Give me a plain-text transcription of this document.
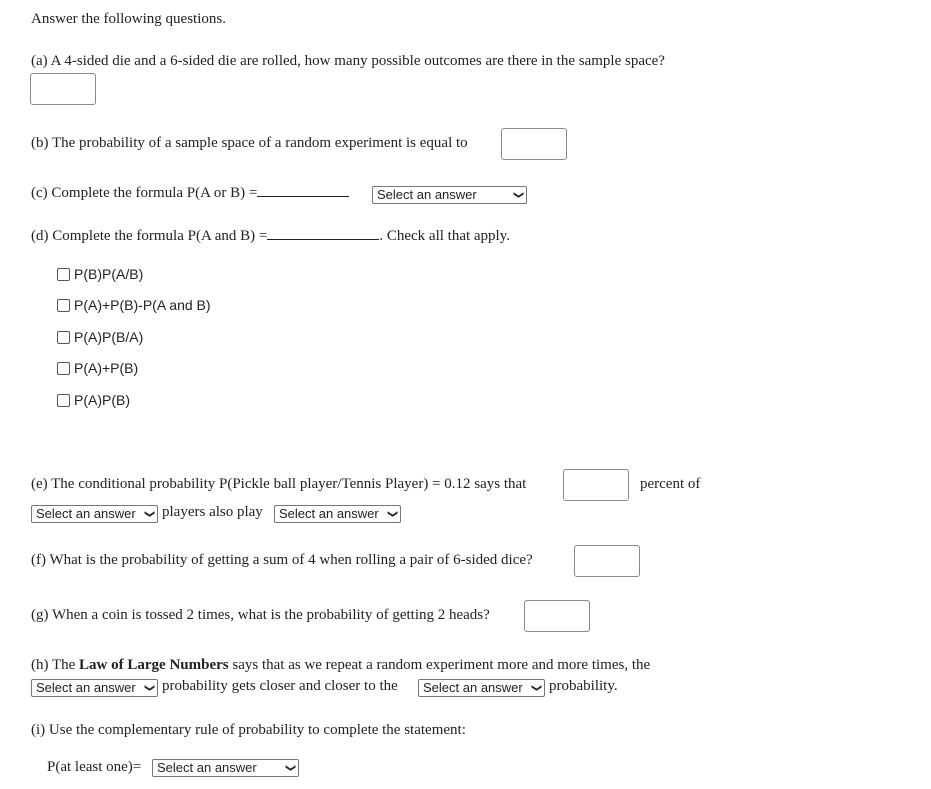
Answer the following questions.
(a) A 4-sided die and a 6-sided die are rolled, how many possible outcomes are there in the sample space?
(b) The probability of a sample space of a random experiment is equal to
(c) Complete the formula P(A or B) =	Select an answer	❯
(d) Complete the formula P(A and B) =	. Check all that apply.
P(B)P(A/B)
P(A)+P(B)-P(A and B)
P(A)P(B/A)
P(A)+P(B)
P(A)P(B)
(e) The conditional probability P(Pickle ball player/Tennis Player) = 0.12 says that	percent of
Select an answer ❯ players also play	Select an answer ❯
(f) What is the probability of getting a sum of 4 when rolling a pair of 6-sided dice?
(g) When a coin is tossed 2 times, what is the probability of getting 2 heads?
(h) The Law of Large Numbers says that as we repeat a random experiment more and more times, the
Select an answer ❯ probability gets closer and closer to the	Select an answer ❯ probability.
(i) Use the complementary rule of probability to complete the statement:
P(at least one)=	Select an answer	❯
